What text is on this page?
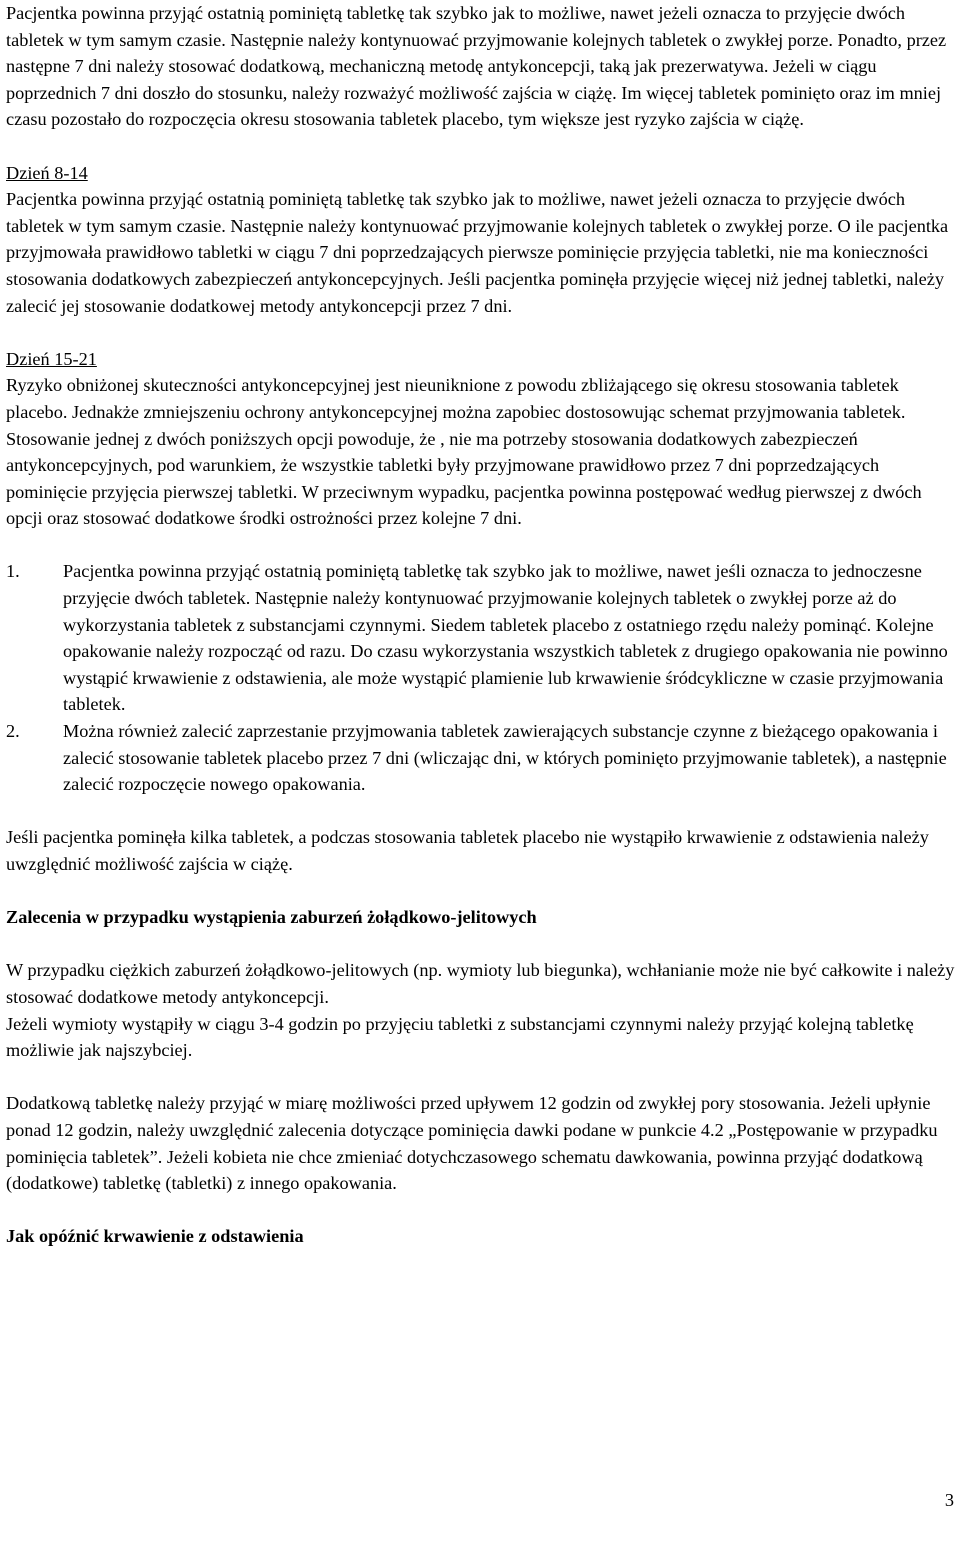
Pacjentka powinna przyjąć ostatnią pominiętą tabletkę tak szybko jak to możliwe, nawet jeżeli oznacza to przyjęcie dwóch tabletek w tym samym czasie. Następnie należy kontynuować przyjmowanie kolejnych tabletek o zwykłej porze. Ponadto, przez następne 7 dni należy stosować dodatkową, mechaniczną metodę antykoncepcji, taką jak prezerwatywa. Jeżeli w ciągu poprzednich 7 dni doszło do stosunku, należy rozważyć możliwość zajścia w ciążę. Im więcej tabletek pominięto oraz im mniej czasu pozostało do rozpoczęcia okresu stosowania tabletek placebo, tym większe jest ryzyko zajścia w ciążę.

Dzień 8-14

Pacjentka powinna przyjąć ostatnią pominiętą tabletkę tak szybko jak to możliwe, nawet jeżeli oznacza to przyjęcie dwóch tabletek w tym samym czasie. Następnie należy kontynuować przyjmowanie kolejnych tabletek o zwykłej porze. O ile pacjentka przyjmowała prawidłowo tabletki w ciągu 7 dni poprzedzających pierwsze pominięcie przyjęcia tabletki, nie ma konieczności stosowania dodatkowych zabezpieczeń antykoncepcyjnych. Jeśli pacjentka pominęła przyjęcie więcej niż jednej tabletki, należy zalecić jej stosowanie dodatkowej metody antykoncepcji przez 7 dni.

Dzień 15-21

Ryzyko obniżonej skuteczności antykoncepcyjnej jest nieuniknione z powodu zbliżającego się okresu stosowania tabletek placebo. Jednakże zmniejszeniu ochrony antykoncepcyjnej można zapobiec dostosowując schemat przyjmowania tabletek.

Stosowanie jednej z dwóch poniższych opcji powoduje, że , nie ma potrzeby stosowania dodatkowych zabezpieczeń antykoncepcyjnych, pod warunkiem, że wszystkie tabletki były przyjmowane prawidłowo przez 7 dni poprzedzających pominięcie przyjęcia pierwszej tabletki. W przeciwnym wypadku, pacjentka powinna postępować według pierwszej z dwóch opcji oraz stosować dodatkowe środki ostrożności przez kolejne 7 dni.

1.	Pacjentka powinna przyjąć ostatnią pominiętą tabletkę tak szybko jak to możliwe, nawet jeśli oznacza to jednoczesne przyjęcie dwóch tabletek. Następnie należy kontynuować przyjmowanie kolejnych tabletek o zwykłej porze aż do wykorzystania tabletek z substancjami czynnymi. Siedem tabletek placebo z ostatniego rzędu należy pominąć. Kolejne opakowanie należy rozpocząć od razu. Do czasu wykorzystania wszystkich tabletek z drugiego opakowania nie powinno wystąpić krwawienie z odstawienia, ale może wystąpić plamienie lub krwawienie śródcykliczne w czasie przyjmowania tabletek.
2.	Można również zalecić zaprzestanie przyjmowania tabletek zawierających substancje czynne z bieżącego opakowania i zalecić stosowanie tabletek placebo przez 7 dni (wliczając dni, w których pominięto przyjmowanie tabletek), a następnie zalecić rozpoczęcie nowego opakowania.

Jeśli pacjentka pominęła kilka tabletek, a podczas stosowania tabletek placebo nie wystąpiło krwawienie z odstawienia należy uwzględnić możliwość zajścia w ciążę.

Zalecenia w przypadku wystąpienia zaburzeń żołądkowo-jelitowych

W przypadku ciężkich zaburzeń żołądkowo-jelitowych (np. wymioty lub biegunka), wchłanianie może nie być całkowite i należy stosować dodatkowe metody antykoncepcji.

Jeżeli wymioty wystąpiły w ciągu 3-4 godzin po przyjęciu tabletki z substancjami czynnymi należy przyjąć kolejną tabletkę możliwie jak najszybciej.

Dodatkową tabletkę należy przyjąć w miarę możliwości przed upływem 12 godzin od zwykłej pory stosowania. Jeżeli upłynie ponad 12 godzin, należy uwzględnić zalecenia dotyczące pominięcia dawki podane w punkcie 4.2 „Postępowanie w przypadku pominięcia tabletek”. Jeżeli kobieta nie chce zmieniać dotychczasowego schematu dawkowania, powinna przyjąć dodatkową (dodatkowe) tabletkę (tabletki) z innego opakowania.

Jak opóźnić krwawienie z odstawienia

3
